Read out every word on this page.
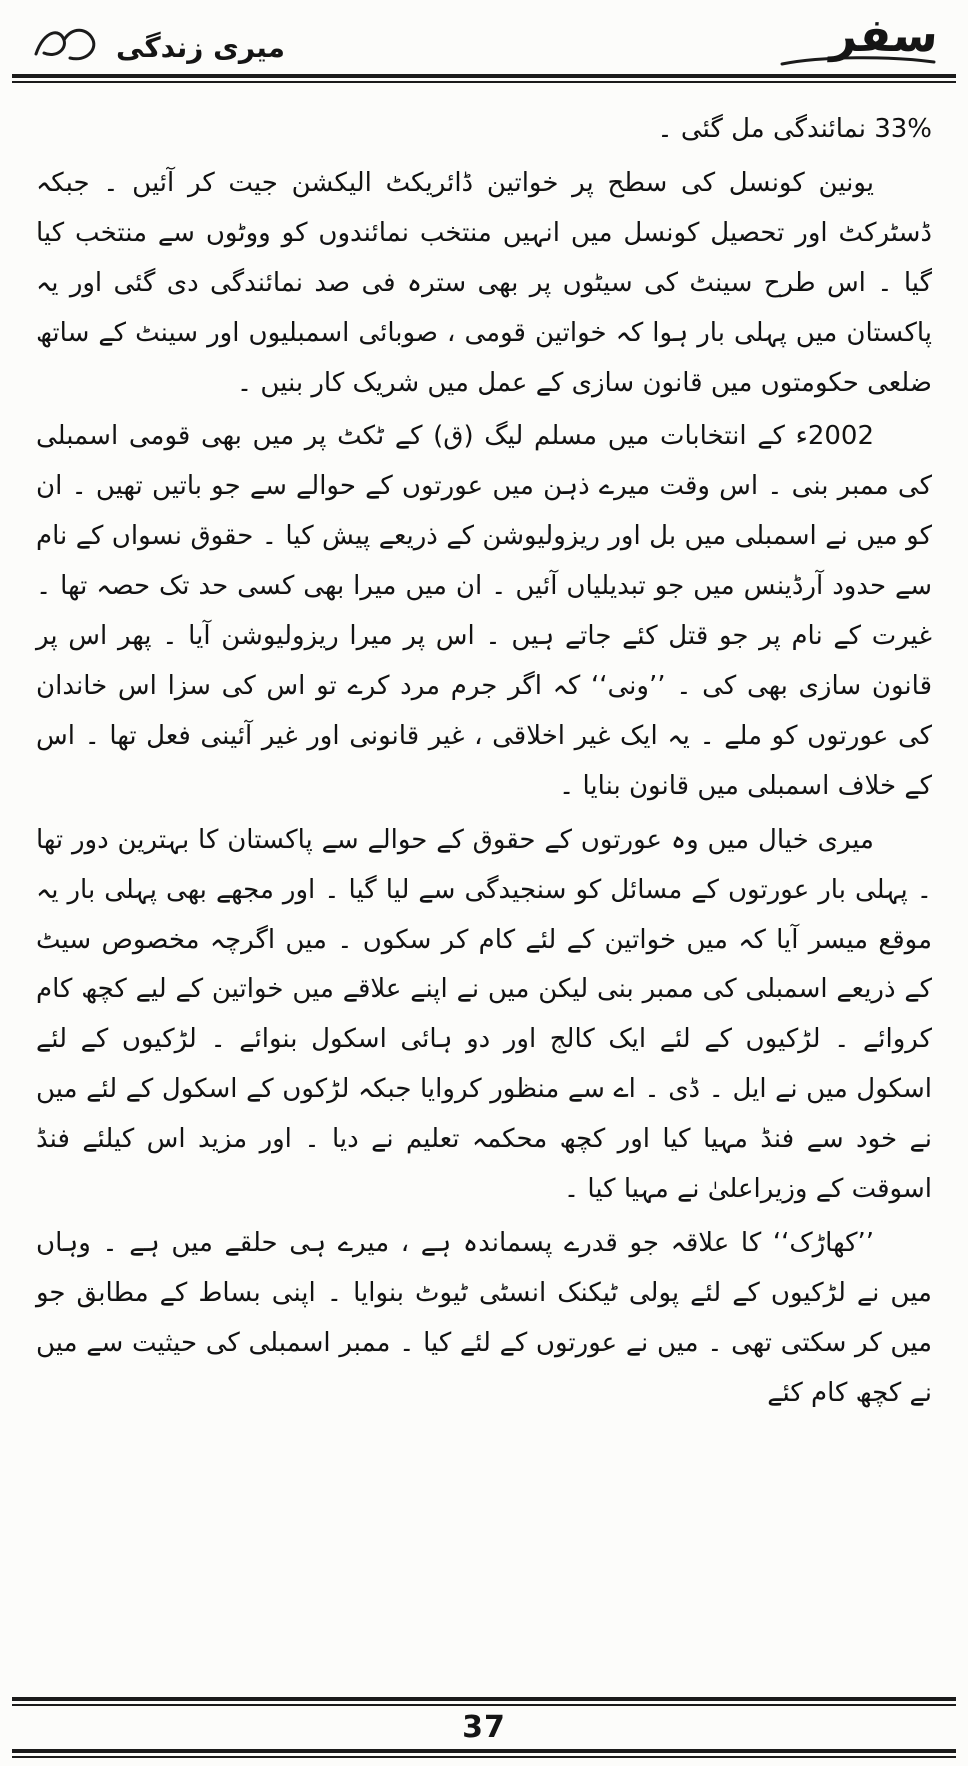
سفر
میری زندگی

33% نمائندگی مل گئی ۔

یونین کونسل کی سطح پر خواتین ڈائریکٹ الیکشن جیت کر آئیں ۔ جبکہ ڈسٹرکٹ اور تحصیل کونسل میں انہیں منتخب نمائندوں کو ووٹوں سے منتخب کیا گیا ۔ اس طرح سینٹ کی سیٹوں پر بھی سترہ فی صد نمائندگی دی گئی اور یہ پاکستان میں پہلی بار ہوا کہ خواتین قومی ، صوبائی اسمبلیوں اور سینٹ کے ساتھ ضلعی حکومتوں میں قانون سازی کے عمل میں شریک کار بنیں ۔

2002ء کے انتخابات میں مسلم لیگ (ق) کے ٹکٹ پر میں بھی قومی اسمبلی کی ممبر بنی ۔ اس وقت میرے ذہن میں عورتوں کے حوالے سے جو باتیں تھیں ۔ ان کو میں نے اسمبلی میں بل اور ریزولیوشن کے ذریعے پیش کیا ۔ حقوق نسواں کے نام سے حدود آرڈینس میں جو تبدیلیاں آئیں ۔ ان میں میرا بھی کسی حد تک حصہ تھا ۔ غیرت کے نام پر جو قتل کئے جاتے ہیں ۔ اس پر میرا ریزولیوشن آیا ۔ پھر اس پر قانون سازی بھی کی ۔ ’’ونی‘‘ کہ اگر جرم مرد کرے تو اس کی سزا اس خاندان کی عورتوں کو ملے ۔ یہ ایک غیر اخلاقی ، غیر قانونی اور غیر آئینی فعل تھا ۔ اس کے خلاف اسمبلی میں قانون بنایا ۔

میری خیال میں وہ عورتوں کے حقوق کے حوالے سے پاکستان کا بہترین دور تھا ۔ پہلی بار عورتوں کے مسائل کو سنجیدگی سے لیا گیا ۔ اور مجھے بھی پہلی بار یہ موقع میسر آیا کہ میں خواتین کے لئے کام کر سکوں ۔ میں اگرچہ مخصوص سیٹ کے ذریعے اسمبلی کی ممبر بنی لیکن میں نے اپنے علاقے میں خواتین کے لیے کچھ کام کروائے ۔ لڑکیوں کے لئے ایک کالج اور دو ہائی اسکول بنوائے ۔ لڑکیوں کے لئے اسکول میں نے ایل ۔ ڈی ۔ اے سے منظور کروایا جبکہ لڑکوں کے اسکول کے لئے میں نے خود سے فنڈ مہیا کیا اور کچھ محکمہ تعلیم نے دیا ۔ اور مزید اس کیلئے فنڈ اسوقت کے وزیراعلیٰ نے مہیا کیا ۔

’’کھاڑک‘‘ کا علاقہ جو قدرے پسماندہ ہے ، میرے ہی حلقے میں ہے ۔ وہاں میں نے لڑکیوں کے لئے پولی ٹیکنک انسٹی ٹیوٹ بنوایا ۔ اپنی بساط کے مطابق جو میں کر سکتی تھی ۔ میں نے عورتوں کے لئے کیا ۔ ممبر اسمبلی کی حیثیت سے میں نے کچھ کام کئے

37
